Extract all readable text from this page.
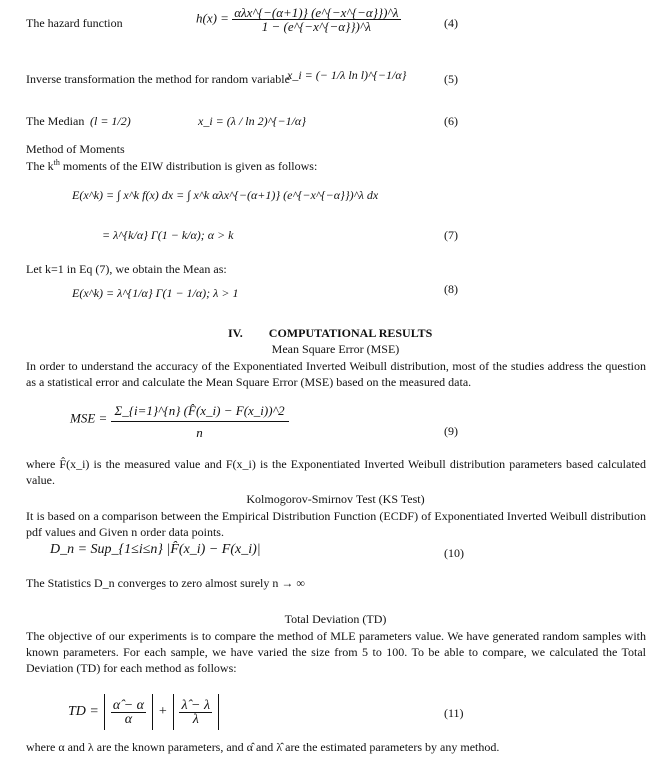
The hazard function	$h(x) = \frac{\text{αλx\textasciicircum{}\{−(α+1)\} (e\textasciicircum{}\{−x\textasciicircum{}\{−α\}\})\textasciicircum{}λ}}{1 - (e\^{}\{-x\^{}\{-\alpha\}\})\^{}\lambda}$	(4)
Inverse transformation the method for random variable
x_i = (− 1/λ ln l)^{−1/α}	(5)
The Median (l = 1/2)	x_i = (λ / ln 2)^{−1/α}	(6)
Method of Moments
The $k^{th}$ moments of the EIW distribution is given as follows:
E(x^k) = ∫ x^k f(x) dx = ∫ x^k αλx^{−(α+1)} (e^{−x^{−α}})^λ dx
= λ^{k/α} Γ(1 − k/α); α > k	(7)
Let k=1 in Eq (7), we obtain the Mean as:
E(x^k) = λ^{1/α} Γ(1 − 1/α); λ > 1	(8)
IV. COMPUTATIONAL RESULTS
Mean Square Error (MSE)
In order to understand the accuracy of the Exponentiated Inverted Weibull distribution, most of the studies address the question as a statistical error and calculate the Mean Square Error (MSE) based on the measured data.
MSE = $\frac{\Sigma\_\{i=1\}\^{}\{n\} (F̂(x\_i) - F(x\_i))\^{}2}{n}$	(9)
where F̂(x_i) is the measured value and F(x_i) is the Exponentiated Inverted Weibull distribution parameters based calculated value.
Kolmogorov-Smirnov Test (KS Test)
It is based on a comparison between the Empirical Distribution Function (ECDF) of Exponentiated Inverted Weibull distribution pdf values and Given n order data points.
D_n = Sup_{1≤i≤n} |F̂(x_i) − F(x_i)|	(10)
The Statistics D_n converges to zero almost surely n → ∞
Total Deviation (TD)
The objective of our experiments is to compare the method of MLE parameters value. We have generated random samples with known parameters. For each sample, we have varied the size from 5 to 100. To be able to compare, we calculated the Total Deviation (TD) for each method as follows:
TD = $\frac{\alphâ - \alpha}{\alpha} + \frac{\lambdâ - \lambda}{\lambda}$
	(11)
where α and λ are the known parameters, and α̂ and λ̂ are the estimated parameters by any method.
